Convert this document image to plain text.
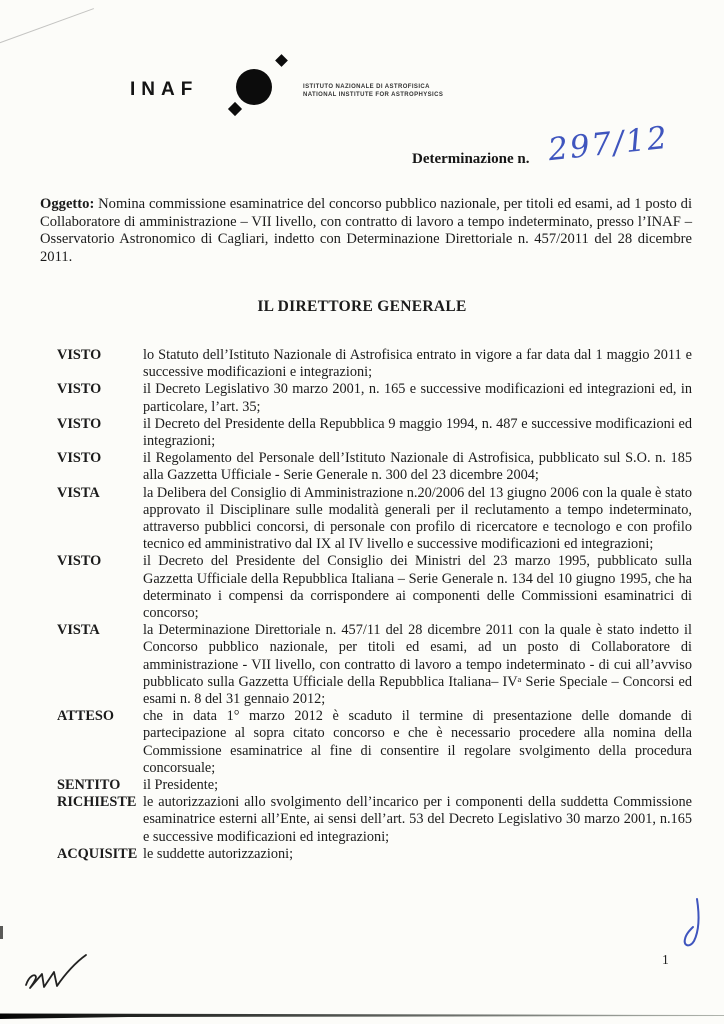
INAF	ISTITUTO NAZIONALE DI ASTROFISICA
NATIONAL INSTITUTE FOR ASTROPHYSICS
Determinazione n. 297/12
Oggetto: Nomina commissione esaminatrice del concorso pubblico nazionale, per titoli ed esami, ad 1 posto di Collaboratore di amministrazione – VII livello, con contratto di lavoro a tempo indeterminato, presso l’INAF – Osservatorio Astronomico di Cagliari, indetto con Determinazione Direttoriale n. 457/2011 del 28 dicembre 2011.
IL DIRETTORE GENERALE
VISTO	lo Statuto dell’Istituto Nazionale di Astrofisica entrato in vigore a far data dal 1 maggio 2011 e successive modificazioni e integrazioni;
VISTO	il Decreto Legislativo 30 marzo 2001, n. 165 e successive modificazioni ed integrazioni ed, in particolare, l’art. 35;
VISTO	il Decreto del Presidente della Repubblica 9 maggio 1994, n. 487 e successive modificazioni ed integrazioni;
VISTO	il Regolamento del Personale dell’Istituto Nazionale di Astrofisica, pubblicato sul S.O. n. 185 alla Gazzetta Ufficiale - Serie Generale n. 300 del 23 dicembre 2004;
VISTA	la Delibera del Consiglio di Amministrazione n.20/2006 del 13 giugno 2006 con la quale è stato approvato il Disciplinare sulle modalità generali per il reclutamento a tempo indeterminato, attraverso pubblici concorsi, di personale con profilo di ricercatore e tecnologo e con profilo tecnico ed amministrativo dal IX al IV livello e successive modificazioni ed integrazioni;
VISTO	il Decreto del Presidente del Consiglio dei Ministri del 23 marzo 1995, pubblicato sulla Gazzetta Ufficiale della Repubblica Italiana – Serie Generale n. 134 del 10 giugno 1995, che ha determinato i compensi da corrispondere ai componenti delle Commissioni esaminatrici di concorso;
VISTA	la Determinazione Direttoriale n. 457/11 del 28 dicembre 2011 con la quale è stato indetto il Concorso pubblico nazionale, per titoli ed esami, ad un posto di Collaboratore di amministrazione - VII livello, con contratto di lavoro a tempo indeterminato - di cui all’avviso pubblicato sulla Gazzetta Ufficiale della Repubblica Italiana– IVᵃ Serie Speciale – Concorsi ed esami n. 8 del 31 gennaio 2012;
ATTESO	che in data 1° marzo 2012 è scaduto il termine di presentazione delle domande di partecipazione al sopra citato concorso e che è necessario procedere alla nomina della Commissione esaminatrice al fine di consentire il regolare svolgimento della procedura concorsuale;
SENTITO	il Presidente;
RICHIESTE le autorizzazioni allo svolgimento dell’incarico per i componenti della suddetta Commissione esaminatrice esterni all’Ente, ai sensi dell’art. 53 del Decreto Legislativo 30 marzo 2001, n.165 e successive modificazioni ed integrazioni;
ACQUISITE le suddette autorizzazioni;
1
